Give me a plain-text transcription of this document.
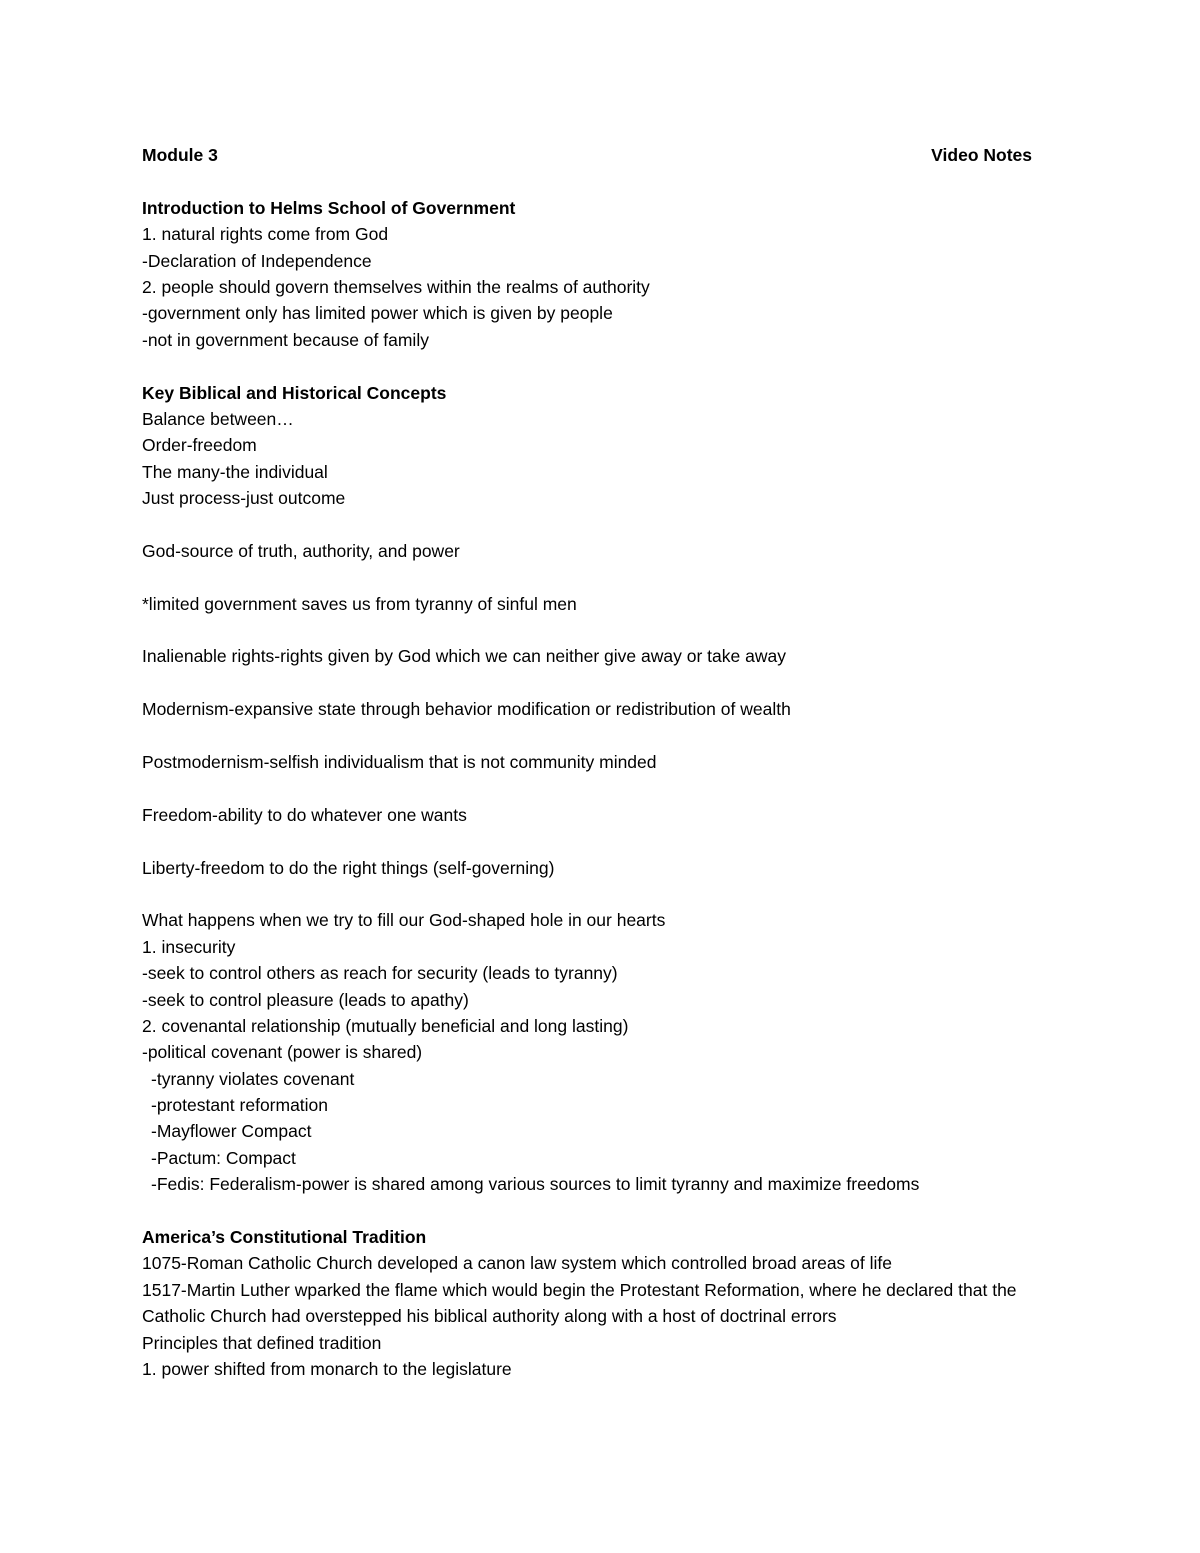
Module 3	Video Notes
Introduction to Helms School of Government
1. natural rights come from God
-Declaration of Independence
2. people should govern themselves within the realms of authority
-government only has limited power which is given by people
-not in government because of family
Key Biblical and Historical Concepts
Balance between…
Order-freedom
The many-the individual
Just process-just outcome
God-source of truth, authority, and power
*limited government saves us from tyranny of sinful men
Inalienable rights-rights given by God which we can neither give away or take away
Modernism-expansive state through behavior modification or redistribution of wealth
Postmodernism-selfish individualism that is not community minded
Freedom-ability to do whatever one wants
Liberty-freedom to do the right things (self-governing)
What happens when we try to fill our God-shaped hole in our hearts
1. insecurity
-seek to control others as reach for security (leads to tyranny)
-seek to control pleasure (leads to apathy)
2. covenantal relationship (mutually beneficial and long lasting)
-political covenant (power is shared)
-tyranny violates covenant
-protestant reformation
-Mayflower Compact
-Pactum: Compact
-Fedis: Federalism-power is shared among various sources to limit tyranny and maximize freedoms
America’s Constitutional Tradition
1075-Roman Catholic Church developed a canon law system which controlled broad areas of life
1517-Martin Luther wparked the flame which would begin the Protestant Reformation, where he declared that the Catholic Church had overstepped his biblical authority along with a host of doctrinal errors
Principles that defined tradition
1. power shifted from monarch to the legislature
